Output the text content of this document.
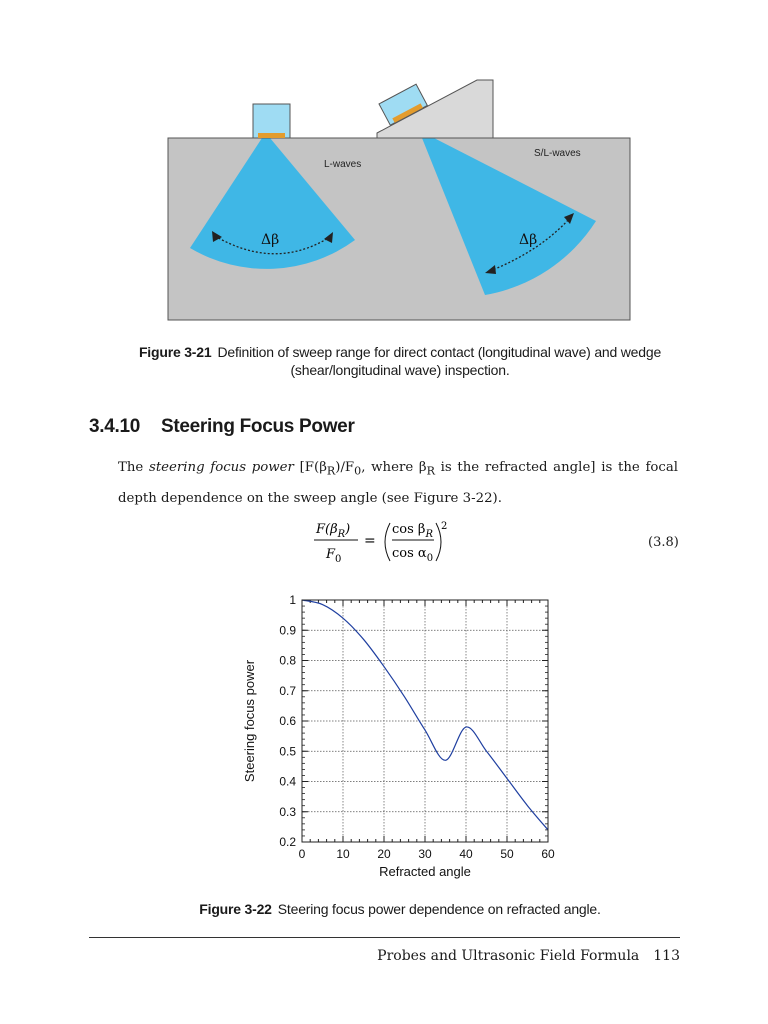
L-waves
S/L-waves
Δβ	Δβ
Figure 3-21 Definition of sweep range for direct contact (longitudinal wave) and wedge
(shear/longitudinal wave) inspection.
3.4.10 Steering Focus Power
The steering focus power [$F(\beta_R)/F_0$, where $\beta_R$ is the refracted angle] is the focal depth dependence on the sweep angle (see Figure 3-22).
$F(\beta_R)$
$F_0$
=
$\cos \beta_R$
$\cos \alpha_0$
2
(3.8)
0	10 20 30 40 50 60
0.2
0.3
0.4
0.5
0.6
0.7
0.8
0.9
1
Refracted angle
Steering focus power
Figure 3-22 Steering focus power dependence on refracted angle.
Probes and Ultrasonic Field Formula 113
